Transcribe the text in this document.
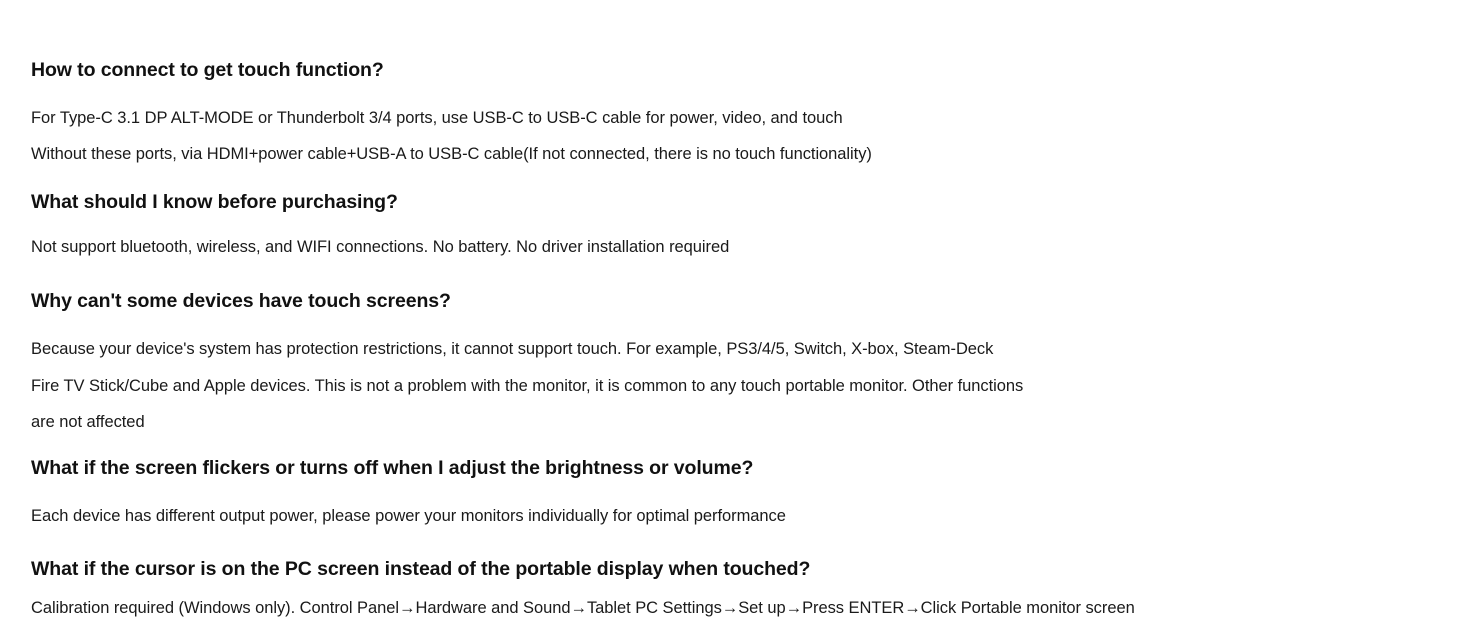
How to connect to get touch function?

For Type-C 3.1 DP ALT-MODE or Thunderbolt 3/4 ports, use USB-C to USB-C cable for power, video, and touch

Without these ports, via HDMI+power cable+USB-A to USB-C cable(If not connected, there is no touch functionality)

What should I know before purchasing?

Not support bluetooth, wireless, and WIFI connections. No battery. No driver installation required

Why can't some devices have touch screens?

Because your device's system has protection restrictions, it cannot support touch. For example, PS3/4/5, Switch, X-box, Steam-Deck

Fire TV Stick/Cube and Apple devices. This is not a problem with the monitor, it is common to any touch portable monitor. Other functions

are not affected

What if the screen flickers or turns off when I adjust the brightness or volume?

Each device has different output power, please power your monitors individually for optimal performance

What if the cursor is on the PC screen instead of the portable display when touched?

Calibration required (Windows only). Control Panel→Hardware and Sound→Tablet PC Settings→Set up→Press ENTER→Click Portable monitor screen
